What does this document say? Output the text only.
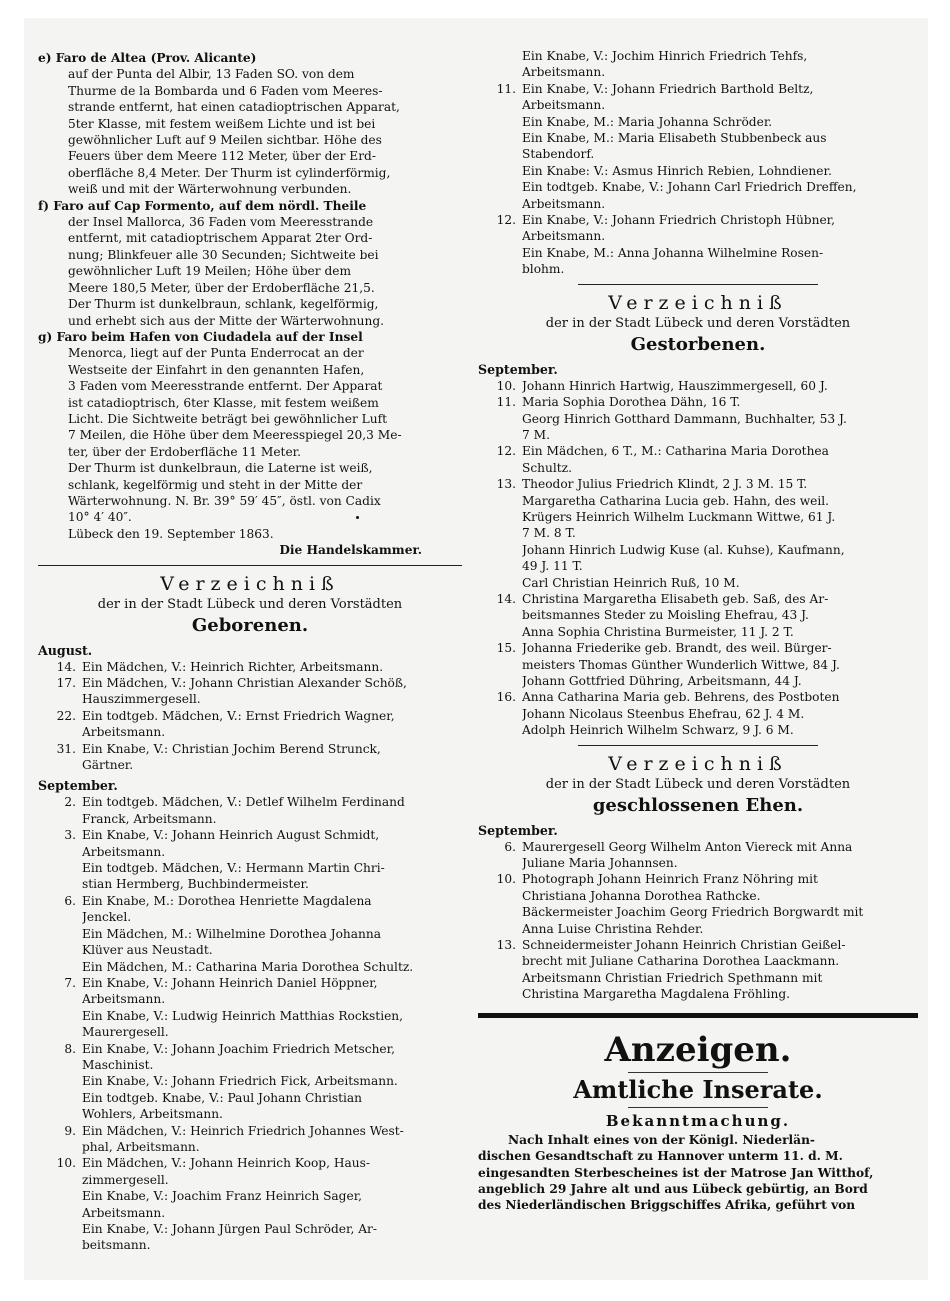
e) Faro de Altea (Prov. Alicante)
auf der Punta del Albir, 13 Faden SO. von dem
Thurme de la Bombarda und 6 Faden vom Meeres-
strande entfernt, hat einen catadioptrischen Apparat,
5ter Klasse, mit festem weißem Lichte und ist bei
gewöhnlicher Luft auf 9 Meilen sichtbar. Höhe des
Feuers über dem Meere 112 Meter, über der Erd-
oberfläche 8,4 Meter. Der Thurm ist cylinderförmig,
weiß und mit der Wärterwohnung verbunden.
f) Faro auf Cap Formento, auf dem nördl. Theile
der Insel Mallorca, 36 Faden vom Meeresstrande
entfernt, mit catadioptrischem Apparat 2ter Ord-
nung; Blinkfeuer alle 30 Secunden; Sichtweite bei
gewöhnlicher Luft 19 Meilen; Höhe über dem
Meere 180,5 Meter, über der Erdoberfläche 21,5.
Der Thurm ist dunkelbraun, schlank, kegelförmig,
und erhebt sich aus der Mitte der Wärterwohnung.
g) Faro beim Hafen von Ciudadela auf der Insel
Menorca, liegt auf der Punta Enderrocat an der
Westseite der Einfahrt in den genannten Hafen,
3 Faden vom Meeresstrande entfernt. Der Apparat
ist catadioptrisch, 6ter Klasse, mit festem weißem
Licht. Die Sichtweite beträgt bei gewöhnlicher Luft
7 Meilen, die Höhe über dem Meeresspiegel 20,3 Me-
ter, über der Erdoberfläche 11 Meter.
Der Thurm ist dunkelbraun, die Laterne ist weiß,
schlank, kegelförmig und steht in der Mitte der
Wärterwohnung. N. Br. 39° 59′ 45″, östl. von Cadix
10° 4′ 40″.
Lübeck den 19. September 1863.
Die Handelskammer.
Verzeichniß
der in der Stadt Lübeck und deren Vorstädten
Geborenen.
August.
14. Ein Mädchen, V.: Heinrich Richter, Arbeitsmann.
17. Ein Mädchen, V.: Johann Christian Alexander Schöß,
Hauszimmergesell.
22. Ein todtgeb. Mädchen, V.: Ernst Friedrich Wagner,
Arbeitsmann.
31. Ein Knabe, V.: Christian Jochim Berend Strunck,
Gärtner.
September.
2. Ein todtgeb. Mädchen, V.: Detlef Wilhelm Ferdinand
Franck, Arbeitsmann.
3. Ein Knabe, V.: Johann Heinrich August Schmidt,
Arbeitsmann.
Ein todtgeb. Mädchen, V.: Hermann Martin Chri-
stian Hermberg, Buchbindermeister.
6. Ein Knabe, M.: Dorothea Henriette Magdalena
Jenckel.
Ein Mädchen, M.: Wilhelmine Dorothea Johanna
Klüver aus Neustadt.
Ein Mädchen, M.: Catharina Maria Dorothea Schultz.
7. Ein Knabe, V.: Johann Heinrich Daniel Höppner,
Arbeitsmann.
Ein Knabe, V.: Ludwig Heinrich Matthias Rockstien,
Maurergesell.
8. Ein Knabe, V.: Johann Joachim Friedrich Metscher,
Maschinist.
Ein Knabe, V.: Johann Friedrich Fick, Arbeitsmann.
Ein todtgeb. Knabe, V.: Paul Johann Christian
Wohlers, Arbeitsmann.
9. Ein Mädchen, V.: Heinrich Friedrich Johannes West-
phal, Arbeitsmann.
10. Ein Mädchen, V.: Johann Heinrich Koop, Haus-
zimmergesell.
Ein Knabe, V.: Joachim Franz Heinrich Sager,
Arbeitsmann.
Ein Knabe, V.: Johann Jürgen Paul Schröder, Ar-
beitsmann.
Ein Knabe, V.: Jochim Hinrich Friedrich Tehfs,
Arbeitsmann.
11. Ein Knabe, V.: Johann Friedrich Barthold Beltz,
Arbeitsmann.
Ein Knabe, M.: Maria Johanna Schröder.
Ein Knabe, M.: Maria Elisabeth Stubbenbeck aus
Stabendorf.
Ein Knabe: V.: Asmus Hinrich Rebien, Lohndiener.
Ein todtgeb. Knabe, V.: Johann Carl Friedrich Dreffen,
Arbeitsmann.
12. Ein Knabe, V.: Johann Friedrich Christoph Hübner,
Arbeitsmann.
Ein Knabe, M.: Anna Johanna Wilhelmine Rosen-
blohm.
Verzeichniß
der in der Stadt Lübeck und deren Vorstädten
Gestorbenen.
September.
10. Johann Hinrich Hartwig, Hauszimmergesell, 60 J.
11. Maria Sophia Dorothea Dähn, 16 T.
Georg Hinrich Gotthard Dammann, Buchhalter, 53 J.
7 M.
12. Ein Mädchen, 6 T., M.: Catharina Maria Dorothea
Schultz.
13. Theodor Julius Friedrich Klindt, 2 J. 3 M. 15 T.
Margaretha Catharina Lucia geb. Hahn, des weil.
Krügers Heinrich Wilhelm Luckmann Wittwe, 61 J.
7 M. 8 T.
Johann Hinrich Ludwig Kuse (al. Kuhse), Kaufmann,
49 J. 11 T.
Carl Christian Heinrich Ruß, 10 M.
14. Christina Margaretha Elisabeth geb. Saß, des Ar-
beitsmannes Steder zu Moisling Ehefrau, 43 J.
Anna Sophia Christina Burmeister, 11 J. 2 T.
15. Johanna Friederike geb. Brandt, des weil. Bürger-
meisters Thomas Günther Wunderlich Wittwe, 84 J.
Johann Gottfried Dühring, Arbeitsmann, 44 J.
16. Anna Catharina Maria geb. Behrens, des Postboten
Johann Nicolaus Steenbus Ehefrau, 62 J. 4 M.
Adolph Heinrich Wilhelm Schwarz, 9 J. 6 M.
Verzeichniß
der in der Stadt Lübeck und deren Vorstädten
geschlossenen Ehen.
September.
6. Maurergesell Georg Wilhelm Anton Viereck mit Anna
Juliane Maria Johannsen.
10. Photograph Johann Heinrich Franz Nöhring mit
Christiana Johanna Dorothea Rathcke.
Bäckermeister Joachim Georg Friedrich Borgwardt mit
Anna Luise Christina Rehder.
13. Schneidermeister Johann Heinrich Christian Geißel-
brecht mit Juliane Catharina Dorothea Laackmann.
Arbeitsmann Christian Friedrich Spethmann mit
Christina Margaretha Magdalena Fröhling.
Anzeigen.
Amtliche Inserate.
Bekanntmachung.
Nach Inhalt eines von der Königl. Niederlän-
dischen Gesandtschaft zu Hannover unterm 11. d. M.
eingesandten Sterbescheines ist der Matrose Jan Witthof,
angeblich 29 Jahre alt und aus Lübeck gebürtig, an Bord
des Niederländischen Briggschiffes Afrika, geführt von
